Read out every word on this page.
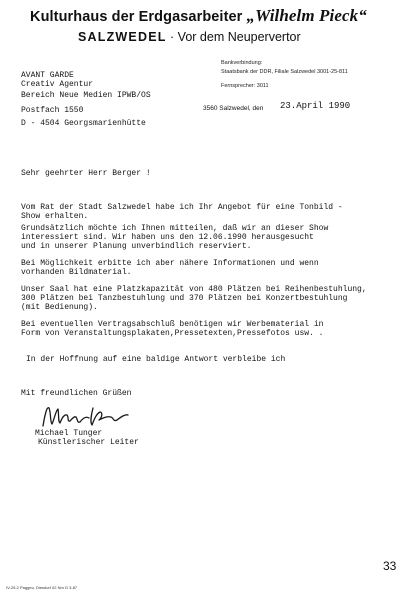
Kulturhaus der Erdgasarbeiter „Wilhelm Pieck“
SALZWEDEL · Vor dem Neupervertor
Bankverbindung:
Staatsbank der DDR, Filiale Salzwedel 3001-25-811
Fernsprecher: 3011
AVANT GARDE
Creativ Agentur
Bereich Neue Medien IPWB/OS
Postfach 1550
D - 4504 Georgsmarienhütte
3560 Salzwedel, den 23.April 1990
Sehr geehrter Herr Berger !
Vom Rat der Stadt Salzwedel habe ich Ihr Angebot für eine Tonbild -
Show erhalten.
Grundsätzlich möchte ich Ihnen mitteilen, daß wir an dieser Show
interessiert sind. Wir haben uns den 12.06.1990 herausgesucht
und in unserer Planung unverbindlich reserviert.
Bei Möglichkeit erbitte ich aber nähere Informationen und wenn
vorhanden Bildmaterial.
Unser Saal hat eine Platzkapazität von 480 Plätzen bei Reihenbestuhlung,
300 Plätzen bei Tanzbestuhlung und 370 Plätzen bei Konzertbestuhlung
(mit Bedienung).
Bei eventuellen Vertragsabschluß benötigen wir Werbematerial in
Form von Veranstaltungsplakaten,Pressetexten,Pressefotos usw. .
In der Hoffnung auf eine baldige Antwort verbleibe ich
Mit freundlichen Grüßen
Michael Tunger
Künstlerischer Leiter
33
IV-25-2 Paggeu, Diesdorf 02 Nm G 3-87
